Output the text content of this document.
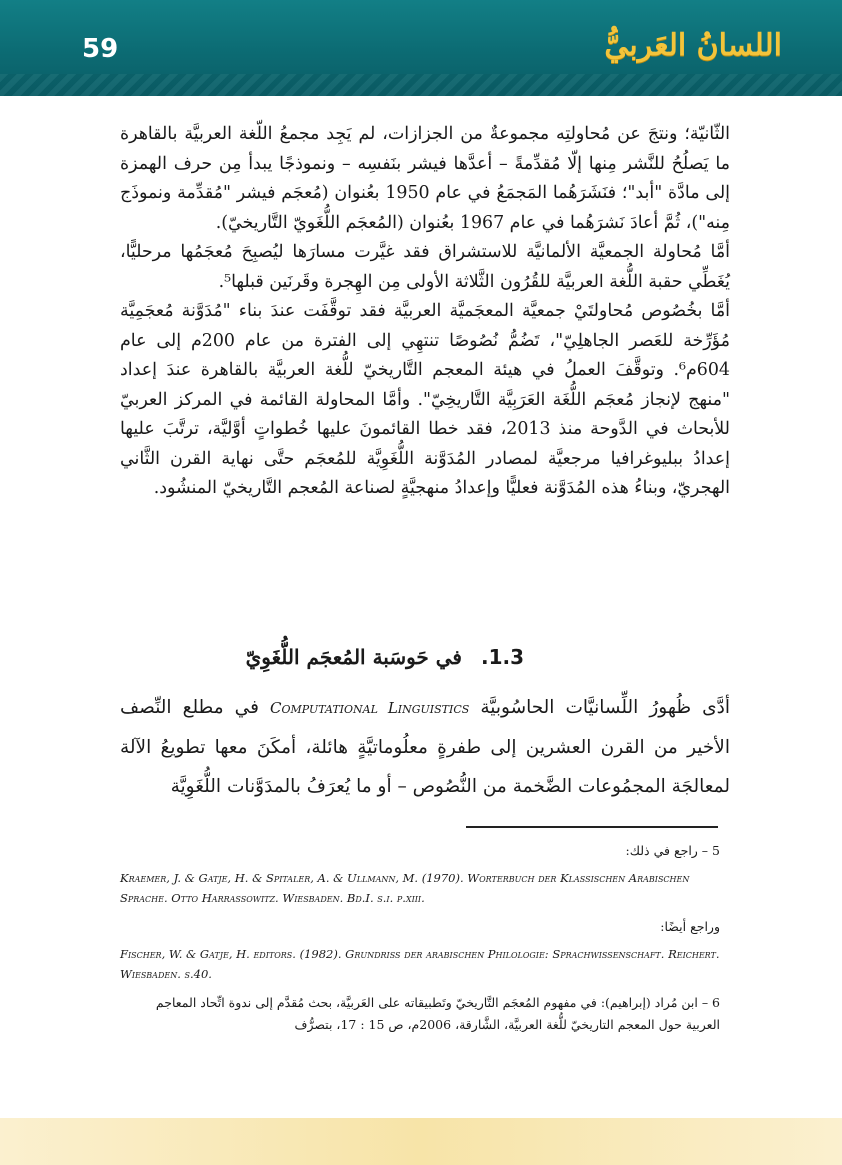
59	اللسانُ العَربيُّ

الثّانيّة؛ ونتجَ عن مُحاولتِه مجموعةٌ من الجزازات، لم يَجِد مجمعُ اللّغة العربيَّة بالقاهرة ما يَصلُحُ للنَّشر مِنها إلّا مُقدِّمةً – أعدَّها فيشر بنَفسِه – ونموذجًا يبدأ مِن حرف الهمزة إلى مادَّة "أبد"؛ فنَشَرَهُما المَجمَعُ في عام 1950 بعُنوان (مُعجَم فيشر "مُقدِّمة ونموذَج مِنه")، ثُمَّ أعادَ نَشرَهُما في عام 1967 بعُنوان (المُعجَم اللُّغَويّ التَّاريخيّ).

أمَّا مُحاولة الجمعيَّة الألمانيَّة للاستشراق فقد غيَّرت مسارَها ليُصبِحَ مُعجَمُها مرحليًّا، يُغَطِّي حقبة اللُّغة العربيَّة للقُرُون الثَّلاثة الأولى مِن الهِجرة وقَرنَين قبلها⁵.

أمَّا بخُصُوص مُحاولتَيْ جمعيَّة المعجَميَّة العربيَّة فقد توقَّفَت عندَ بناء "مُدَوَّنة مُعجَمِيَّة مُؤَرِّخة للعَصر الجاهلِيّ"، تَضُمُّ نُصُوصًا تنتهِي إلى الفترة من عام 200م إلى عام 604م⁶. وتوقَّفَ العملُ في هيئة المعجم التَّاريخيّ للُّغة العربيَّة بالقاهرة عندَ إعداد "منهج لإنجاز مُعجَم اللُّغَة العَرَبِيَّة التَّاريخِيّ". وأمَّا المحاولة القائمة في المركز العربيّ للأبحاث في الدَّوحة منذ 2013، فقد خطا القائمونَ عليها خُطواتٍ أوَّليَّة، ترتَّبَ عليها إعدادُ ببليوغرافيا مرجعيَّة لمصادر المُدَوَّنة اللُّغَوِيَّة للمُعجَم حتَّى نهاية القرن الثَّاني الهجريّ، وبناءُ هذه المُدَوَّنة فعليًّا وإعدادُ منهجيَّةٍ لصناعة المُعجم التَّاريخيّ المنشُود.

1.3. في حَوسَبة المُعجَم اللُّغَوِيّ

أدَّى ظُهورُ اللِّسانيَّات الحاسُوبيَّة Computational Linguistics في مطلع النِّصف الأخير من القرن العشرين إلى طفرةٍ معلُوماتيَّةٍ هائلة، أمكَنَ معها تطويعُ الآلة لمعالجَة المجمُوعات الضَّخمة من النُّصُوص – أو ما يُعرَفُ بالمدَوَّنات اللُّغَوِيَّة

5 – راجع في ذلك:

Kraemer, J. & Gatje, H. & Spitaler, A. & Ullmann, M. (1970). Worterbuch der Klassischen Arabischen Sprache. Otto Harrassowitz. Wiesbaden. Bd.I. s.i. p.xiii.

وراجع أيضًا:

Fischer, W. & Gatje, H. editors. (1982). Grundriss der arabischen Philologie: Sprachwissenschaft. Reichert. Wiesbaden. s.40.

6 – ابن مُراد (إبراهيم): في مفهوم المُعجَم التَّاريخيّ وتَطبيقاته على العَربيَّة، بحث مُقدَّم إلى ندوة اتِّحاد المعاجم العربية حول المعجم التاريخيّ للُّغة العربيَّة، الشَّارقة، 2006م، ص 15 : 17، بتصرُّف
